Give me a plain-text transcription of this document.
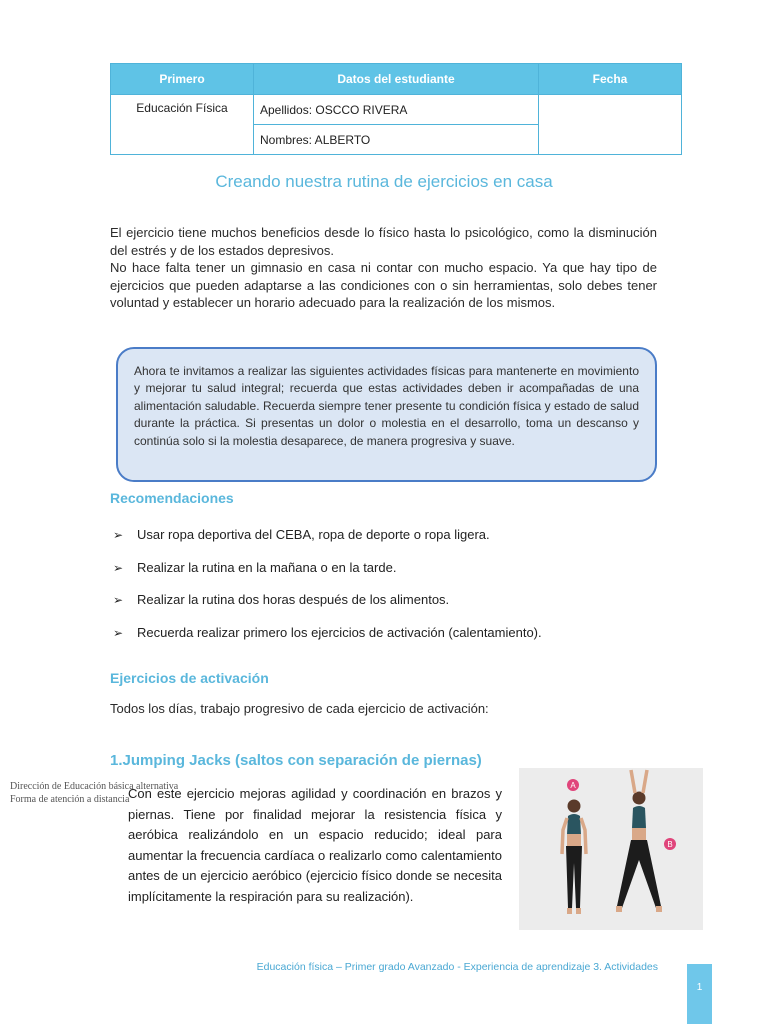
Primero	Datos del estudiante	Fecha
Educación Física	Apellidos: OSCCO RIVERA	
	Nombres: ALBERTO	
Creando nuestra rutina de ejercicios en casa

El ejercicio tiene muchos beneficios desde lo físico hasta lo psicológico, como la disminución del estrés y de los estados depresivos.

No hace falta tener un gimnasio en casa ni contar con mucho espacio. Ya que hay tipo de ejercicios que pueden adaptarse a las condiciones con o sin herramientas, solo debes tener voluntad y establecer un horario adecuado para la realización de los mismos.

Ahora te invitamos a realizar las siguientes actividades físicas para mantenerte en movimiento y mejorar tu salud integral; recuerda que estas actividades deben ir acompañadas de una alimentación saludable. Recuerda siempre tener presente tu condición física y estado de salud durante la práctica. Si presentas un dolor o molestia en el desarrollo, toma un descanso y continúa solo si la molestia desaparece, de manera progresiva y suave.
Recomendaciones
➢	Usar ropa deportiva del CEBA, ropa de deporte o ropa ligera.
➢	Realizar la rutina en la mañana o en la tarde.
➢	Realizar la rutina dos horas después de los alimentos.
➢	Recuerda realizar primero los ejercicios de activación (calentamiento).
Ejercicios de activación
Todos los días, trabajo progresivo de cada ejercicio de activación:
1.Jumping Jacks (saltos con separación de piernas)
Dirección de Educación básica alternativa
Forma de atención a distancia
Con este ejercicio mejoras agilidad y coordinación en brazos y piernas. Tiene por finalidad mejorar la resistencia física y aeróbica realizándolo en un espacio reducido; ideal para aumentar la frecuencia cardíaca o realizarlo como calentamiento antes de un ejercicio aeróbico (ejercicio físico donde se necesita implícitamente la respiración para su realización).
A
B
Educación física – Primer grado Avanzado - Experiencia de aprendizaje 3. Actividades
1
